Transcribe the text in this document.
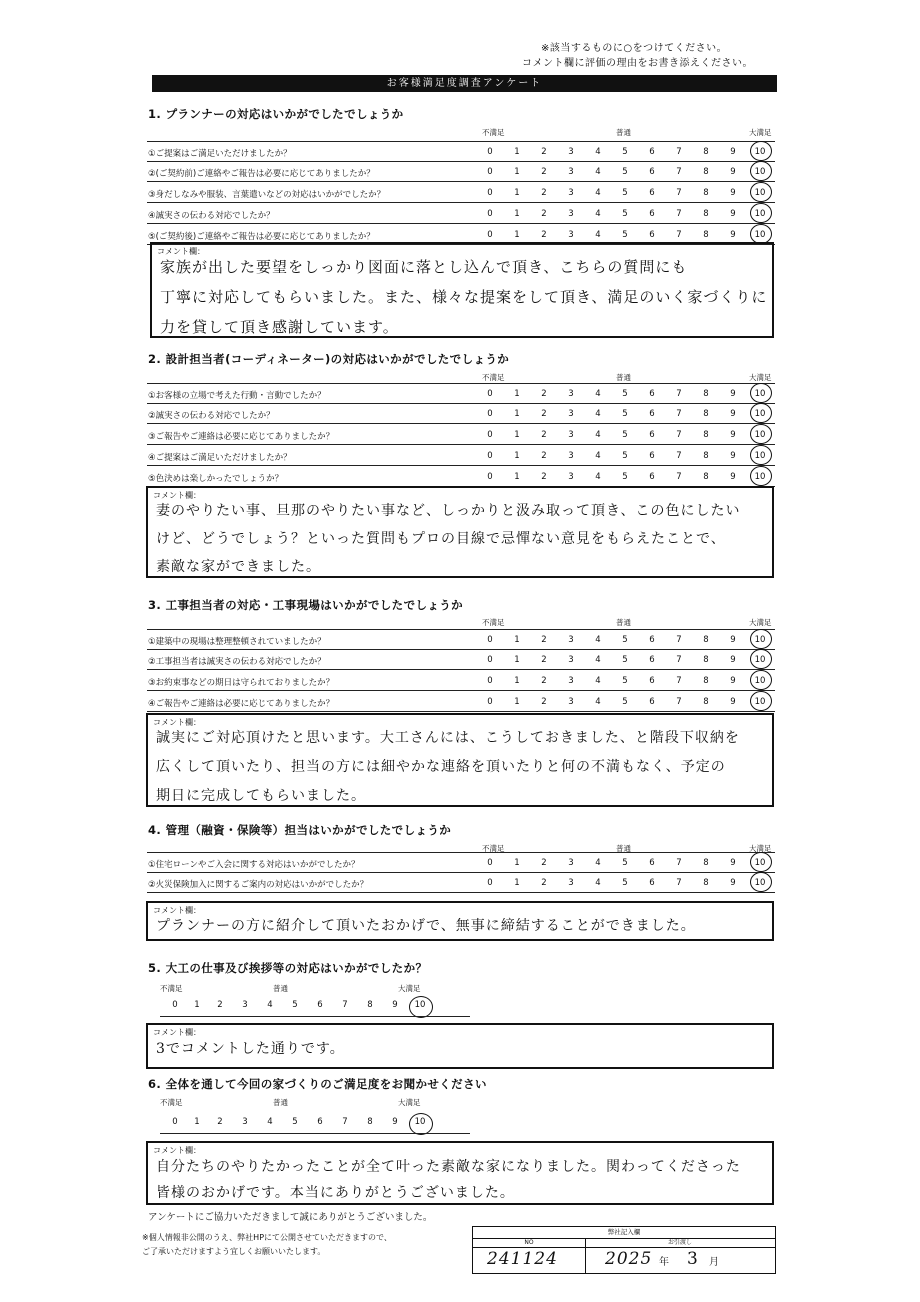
※該当するものに○をつけてください。
コメント欄に評価の理由をお書き添えください。
お客様満足度調査アンケート
1. プランナーの対応はいかがでしたでしょうか
不満足	普通	大満足
①ご提案はご満足いただけましたか？	0	1	2	3	4	5	6	7	8	9	10
②(ご契約前)ご連絡やご報告は必要に応じてありましたか？	0	1	2	3	4	5	6	7	8	9	10
③身だしなみや服装、言葉遣いなどの対応はいかがでしたか？	0	1	2	3	4	5	6	7	8	9	10
④誠実さの伝わる対応でしたか？	0	1	2	3	4	5	6	7	8	9	10
⑤(ご契約後)ご連絡やご報告は必要に応じてありましたか？	0	1	2	3	4	5	6	7	8	9	10
コメント欄：
家族が出した要望をしっかり図面に落とし込んで頂き、こちらの質問にも
丁寧に対応してもらいました。また、様々な提案をして頂き、満足のいく家づくりに
力を貸して頂き感謝しています。
2. 設計担当者(コーディネーター)の対応はいかがでしたでしょうか
不満足	普通	大満足
①お客様の立場で考えた行動・言動でしたか？	0	1	2	3	4	5	6	7	8	9	10
②誠実さの伝わる対応でしたか？	0	1	2	3	4	5	6	7	8	9	10
③ご報告やご連絡は必要に応じてありましたか？	0	1	2	3	4	5	6	7	8	9	10
④ご提案はご満足いただけましたか？	0	1	2	3	4	5	6	7	8	9	10
⑤色決めは楽しかったでしょうか？	0	1	2	3	4	5	6	7	8	9	10
コメント欄：
妻のやりたい事、旦那のやりたい事など、しっかりと汲み取って頂き、この色にしたい
けど、どうでしょう？といった質問もプロの目線で忌憚ない意見をもらえたことで、
素敵な家ができました。
3. 工事担当者の対応・工事現場はいかがでしたでしょうか
不満足	普通	大満足
①建築中の現場は整理整頓されていましたか？	0	1	2	3	4	5	6	7	8	9	10
②工事担当者は誠実さの伝わる対応でしたか？	0	1	2	3	4	5	6	7	8	9	10
③お約束事などの期日は守られておりましたか？	0	1	2	3	4	5	6	7	8	9	10
④ご報告やご連絡は必要に応じてありましたか？	0	1	2	3	4	5	6	7	8	9	10
コメント欄：
誠実にご対応頂けたと思います。大工さんには、こうしておきました、と階段下収納を
広くして頂いたり、担当の方には細やかな連絡を頂いたりと何の不満もなく、予定の
期日に完成してもらいました。
4. 管理（融資・保険等）担当はいかがでしたでしょうか
不満足	普通	大満足
①住宅ローンやご入会に関する対応はいかがでしたか？	0	1	2	3	4	5	6	7	8	9	10
②火災保険加入に関するご案内の対応はいかがでしたか？	0	1	2	3	4	5	6	7	8	9	10
コメント欄：
プランナーの方に紹介して頂いたおかげで、無事に締結することができました。
5. 大工の仕事及び挨拶等の対応はいかがでしたか？
不満足	普通	大満足
0	1	2	3	4	5	6	7	8	9	10
コメント欄：
3でコメントした通りです。
6. 全体を通して今回の家づくりのご満足度をお聞かせください
不満足	普通	大満足
0	1	2	3	4	5	6	7	8	9	10
コメント欄：
自分たちのやりたかったことが全て叶った素敵な家になりました。関わってくださった
皆様のおかげです。本当にありがとうございました。
アンケートにご協力いただきまして誠にありがとうございました。
※個人情報非公開のうえ、弊社HPにて公開させていただきますので、
ご了承いただけますよう宜しくお願いいたします。
弊社記入欄
NO	お引渡し
241124	2025 年 3 月
